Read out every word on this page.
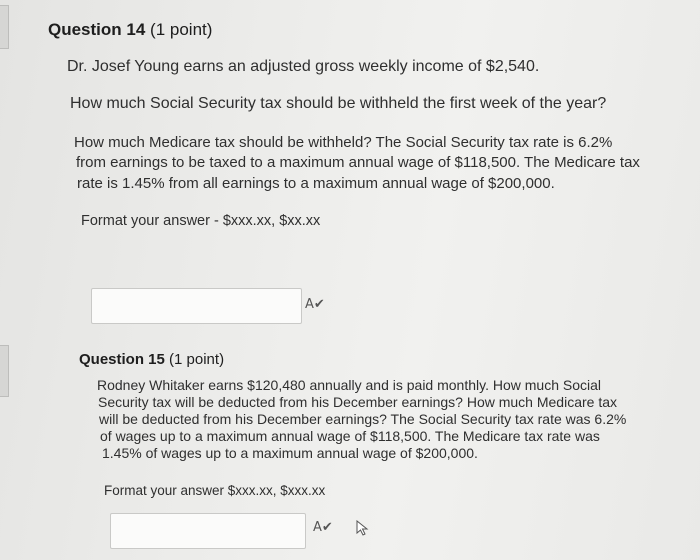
Question 14 (1 point)
Dr. Josef Young earns an adjusted gross weekly income of $2,540.
How much Social Security tax should be withheld the first week of the year?
How much Medicare tax should be withheld? The Social Security tax rate is 6.2%
from earnings to be taxed to a maximum annual wage of $118,500. The Medicare tax
rate is 1.45% from all earnings to a maximum annual wage of $200,000.
Format your answer - $xxx.xx, $xx.xx
A✔
Question 15 (1 point)
Rodney Whitaker earns $120,480 annually and is paid monthly. How much Social
Security tax will be deducted from his December earnings? How much Medicare tax
will be deducted from his December earnings? The Social Security tax rate was 6.2%
of wages up to a maximum annual wage of $118,500. The Medicare tax rate was
1.45% of wages up to a maximum annual wage of $200,000.
Format your answer $xxx.xx, $xxx.xx
A✔
